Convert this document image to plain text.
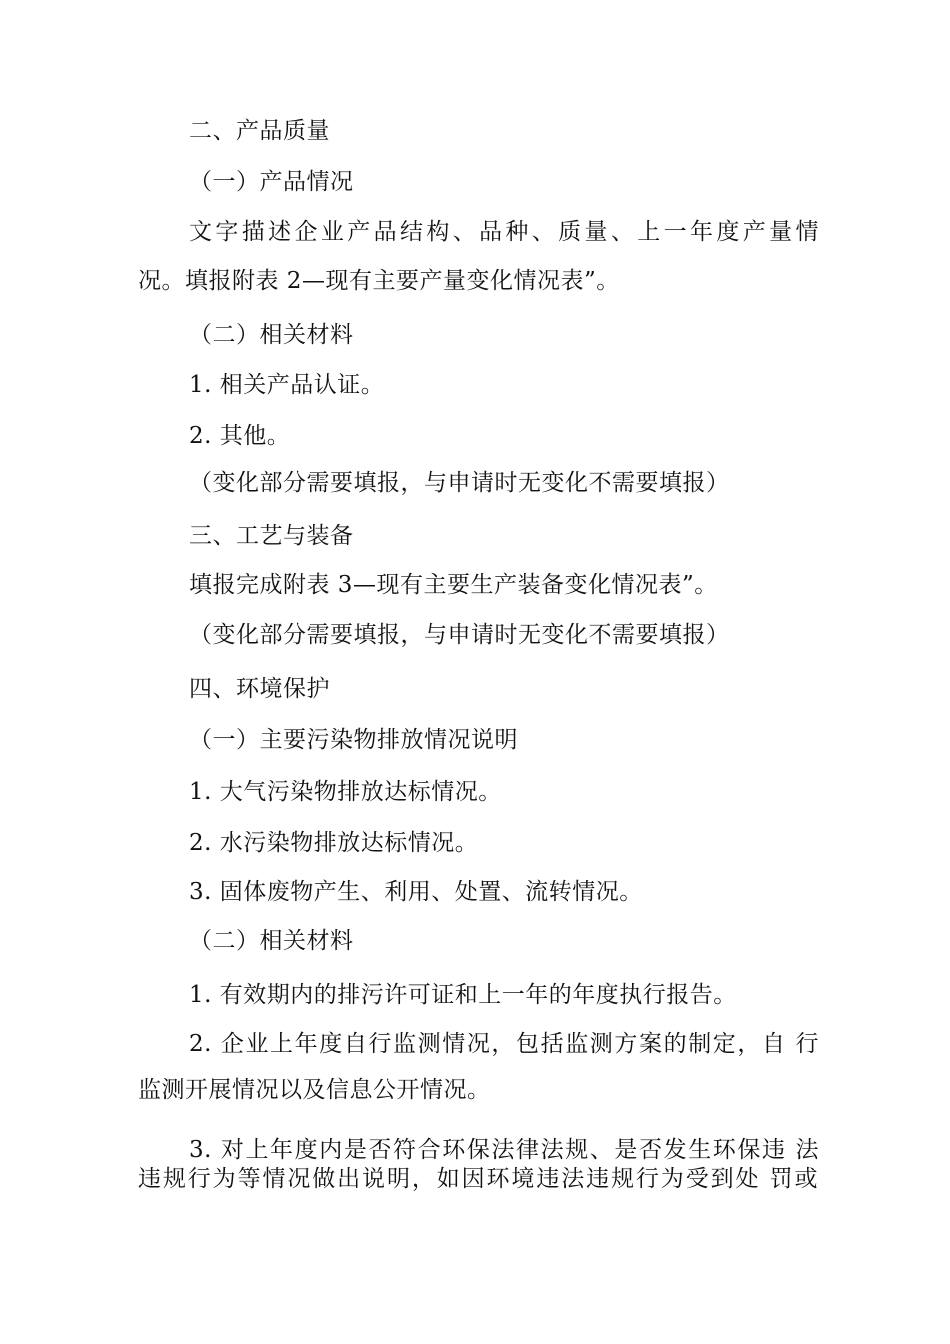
二、产品质量
（一）产品情况
文字描述企业产品结构、品种、质量、上一年度产量情
况。填报附表 2—现有主要产量变化情况表”。
（二）相关材料
1. 相关产品认证。
2. 其他。
（变化部分需要填报，与申请时无变化不需要填报）
三、工艺与装备
填报完成附表 3—现有主要生产装备变化情况表”。
（变化部分需要填报，与申请时无变化不需要填报）
四、环境保护
（一）主要污染物排放情况说明
1. 大气污染物排放达标情况。
2. 水污染物排放达标情况。
3. 固体废物产生、利用、处置、流转情况。
（二）相关材料
1. 有效期内的排污许可证和上一年的年度执行报告。
2. 企业上年度自行监测情况，包括监测方案的制定，自 行
监测开展情况以及信息公开情况。
3. 对上年度内是否符合环保法律法规、是否发生环保违 法
违规行为等情况做出说明，如因环境违法违规行为受到处 罚或
